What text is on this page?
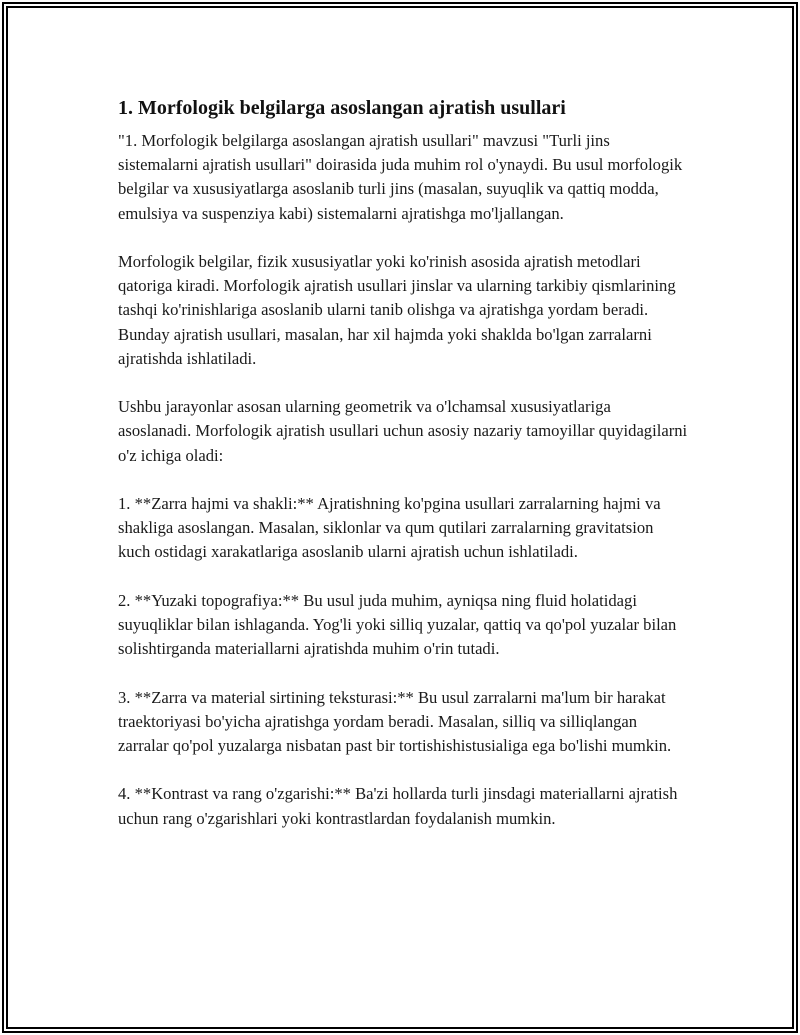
1. Morfologik belgilarga asoslangan ajratish usullari

"1. Morfologik belgilarga asoslangan ajratish usullari" mavzusi "Turli jins sistemalarni ajratish usullari" doirasida juda muhim rol o'ynaydi. Bu usul morfologik belgilar va xususiyatlarga asoslanib turli jins (masalan, suyuqlik va qattiq modda, emulsiya va suspenziya kabi) sistemalarni ajratishga mo'ljallangan.

Morfologik belgilar, fizik xususiyatlar yoki ko'rinish asosida ajratish metodlari qatoriga kiradi. Morfologik ajratish usullari jinslar va ularning tarkibiy qismlarining tashqi ko'rinishlariga asoslanib ularni tanib olishga va ajratishga yordam beradi. Bunday ajratish usullari, masalan, har xil hajmda yoki shaklda bo'lgan zarralarni ajratishda ishlatiladi.

Ushbu jarayonlar asosan ularning geometrik va o'lchamsal xususiyatlariga asoslanadi. Morfologik ajratish usullari uchun asosiy nazariy tamoyillar quyidagilarni o'z ichiga oladi:

1. **Zarra hajmi va shakli:** Ajratishning ko'pgina usullari zarralarning hajmi va shakliga asoslangan. Masalan, siklonlar va qum qutilari zarralarning gravitatsion kuch ostidagi xarakatlariga asoslanib ularni ajratish uchun ishlatiladi.

2. **Yuzaki topografiya:** Bu usul juda muhim, ayniqsa ning fluid holatidagi suyuqliklar bilan ishlaganda. Yog'li yoki silliq yuzalar, qattiq va qo'pol yuzalar bilan solishtirganda materiallarni ajratishda muhim o'rin tutadi.

3. **Zarra va material sirtining teksturasi:** Bu usul zarralarni ma'lum bir harakat traektoriyasi bo'yicha ajratishga yordam beradi. Masalan, silliq va silliqlangan zarralar qo'pol yuzalarga nisbatan past bir tortishishistusialiga ega bo'lishi mumkin.

4. **Kontrast va rang o'zgarishi:** Ba'zi hollarda turli jinsdagi materiallarni ajratish uchun rang o'zgarishlari yoki kontrastlardan foydalanish mumkin.
